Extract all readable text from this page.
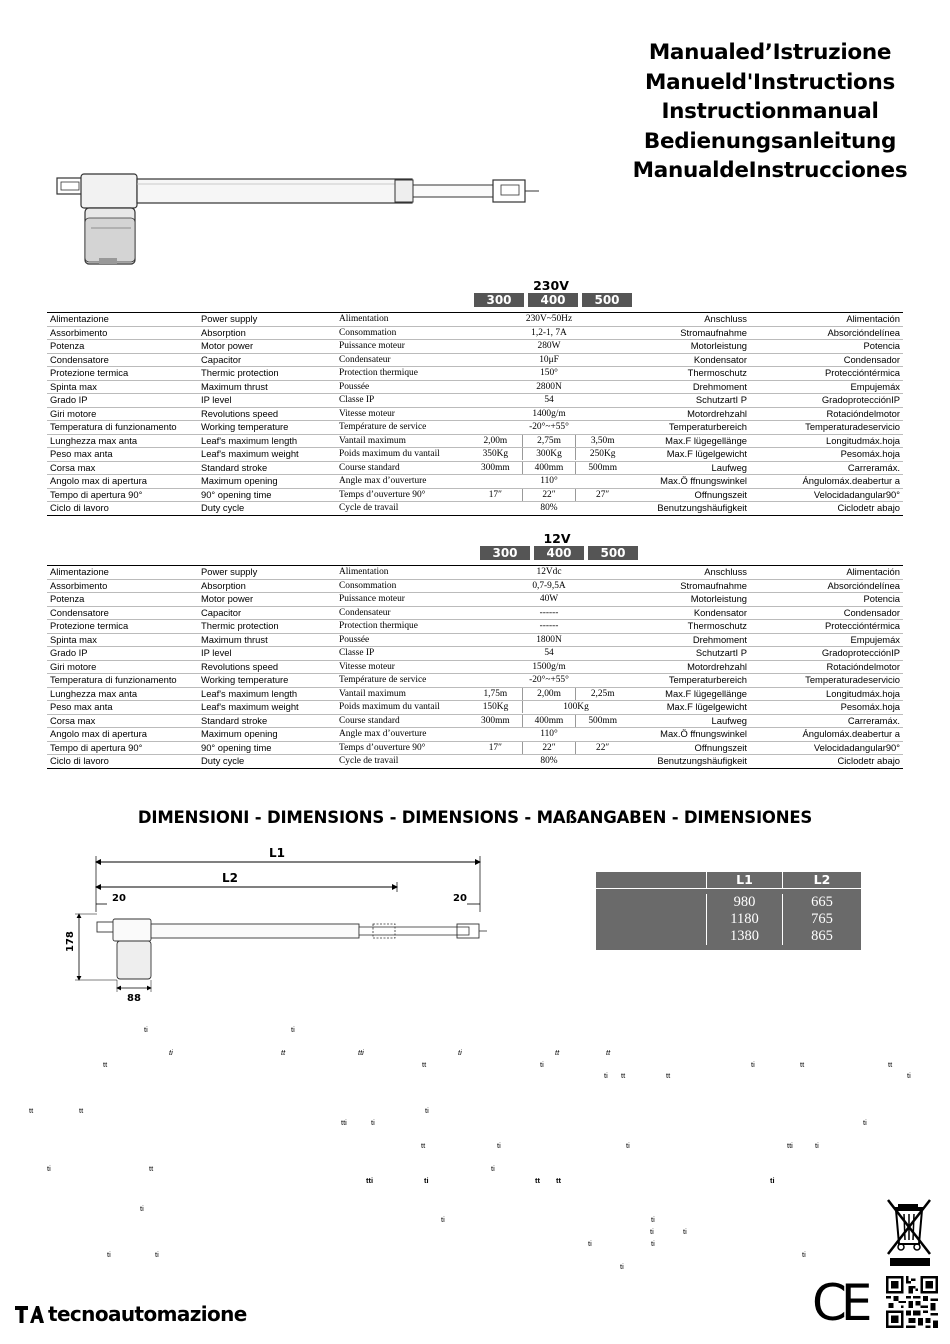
Manualed’Istruzione
Manueld'Instructions
Instructionmanual
Bedienungsanleitung
ManualdeInstrucciones
230V
300	400	500
Alimentazione	Power supply	Alimentation	230V~50Hz	Anschluss	Alimentación
Assorbimento	Absorption	Consommation	1,2-1, 7A	Stromaufnahme	Absorcióndelínea
Potenza	Motor power	Puissance moteur	280W	Motorleistung	Potencia
Condensatore	Capacitor	Condensateur	10μF	Kondensator	Condensador
Protezione termica	Thermic protection	Protection thermique	150°	Thermoschutz	Proteccióntérmica
Spinta max	Maximum thrust	Poussée	2800N	Drehmoment	Empujemáx
Grado IP	IP level	Classe IP	54	SchutzartI P	GradoprotecciónIP
Giri motore	Revolutions speed	Vitesse moteur	1400g/m	Motordrehzahl	Rotacióndelmotor
Temperatura di funzionamento	Working temperature	Température de service	-20°~+55°	Temperaturbereich	Temperaturadeservicio
Lunghezza max anta	Leaf's maximum length	Vantail maximum	2,00m 2,75m 3,50m	Max.F lügegellänge	Longitudmáx.hoja
Peso max anta	Leaf's maximum weight	Poids maximum du vantail	350Kg 300Kg 250Kg	Max.F lügelgewicht	Pesomáx.hoja
Corsa max	Standard stroke	Course standard	300mm 400mm 500mm	Laufweg	Carreramáx.
Angolo max di apertura	Maximum opening	Angle max d’ouverture	110°	Max.Ö ffnungswinkel	Ángulomáx.deabertur a
Tempo di apertura 90°	90° opening time	Temps d’ouverture 90°	17″ 22″ 27″	Offnungszeit	Velocidadangular90°
Ciclo di lavoro	Duty cycle	Cycle de travail	80%	Benutzungshäufigkeit	Ciclodetr abajo
12V
300	400	500
Alimentazione	Power supply	Alimentation	12Vdc	Anschluss	Alimentación
Assorbimento	Absorption	Consommation	0,7-9,5A	Stromaufnahme	Absorcióndelínea
Potenza	Motor power	Puissance moteur	40W	Motorleistung	Potencia
Condensatore	Capacitor	Condensateur	------	Kondensator	Condensador
Protezione termica	Thermic protection	Protection thermique	------	Thermoschutz	Proteccióntérmica
Spinta max	Maximum thrust	Poussée	1800N	Drehmoment	Empujemáx
Grado IP	IP level	Classe IP	54	SchutzartI P	GradoprotecciónIP
Giri motore	Revolutions speed	Vitesse moteur	1500g/m	Motordrehzahl	Rotacióndelmotor
Temperatura di funzionamento	Working temperature	Température de service	-20°~+55°	Temperaturbereich	Temperaturadeservicio
Lunghezza max anta	Leaf's maximum length	Vantail maximum	1,75m 2,00m 2,25m	Max.F lügegellänge	Longitudmáx.hoja
Peso max anta	Leaf's maximum weight	Poids maximum du vantail	150Kg 100Kg	Max.F lügelgewicht	Pesomáx.hoja
Corsa max	Standard stroke	Course standard	300mm 400mm 500mm	Laufweg	Carreramáx.
Angolo max di apertura	Maximum opening	Angle max d’ouverture	110°	Max.Ö ffnungswinkel	Ángulomáx.deabertur a
Tempo di apertura 90°	90° opening time	Temps d’ouverture 90°	17″ 22″ 22″	Offnungszeit	Velocidadangular90°
Ciclo di lavoro	Duty cycle	Cycle de travail	80%	Benutzungshäufigkeit	Ciclodetr abajo
DIMENSIONI - DIMENSIONS - DIMENSIONS - MAßANGABEN - DIMENSIONES
L1
L2
20	20
178
88
L1	L2
980	665
1180	765
1380	865
ti	ti
ti	tt	tti	ti	tt	tt
tt	tt	ti	ti	tt	tt
ti tt	tt	ti
tt	tt	ti
tti	ti	ti
tt	ti	ti	tti	ti
ti	tt	ti
tti	ti	tt tt	ti
ti
ti	ti
ti	ti
ti	ti
ti	ti	ti
ti
CE
tecnoautomazione
